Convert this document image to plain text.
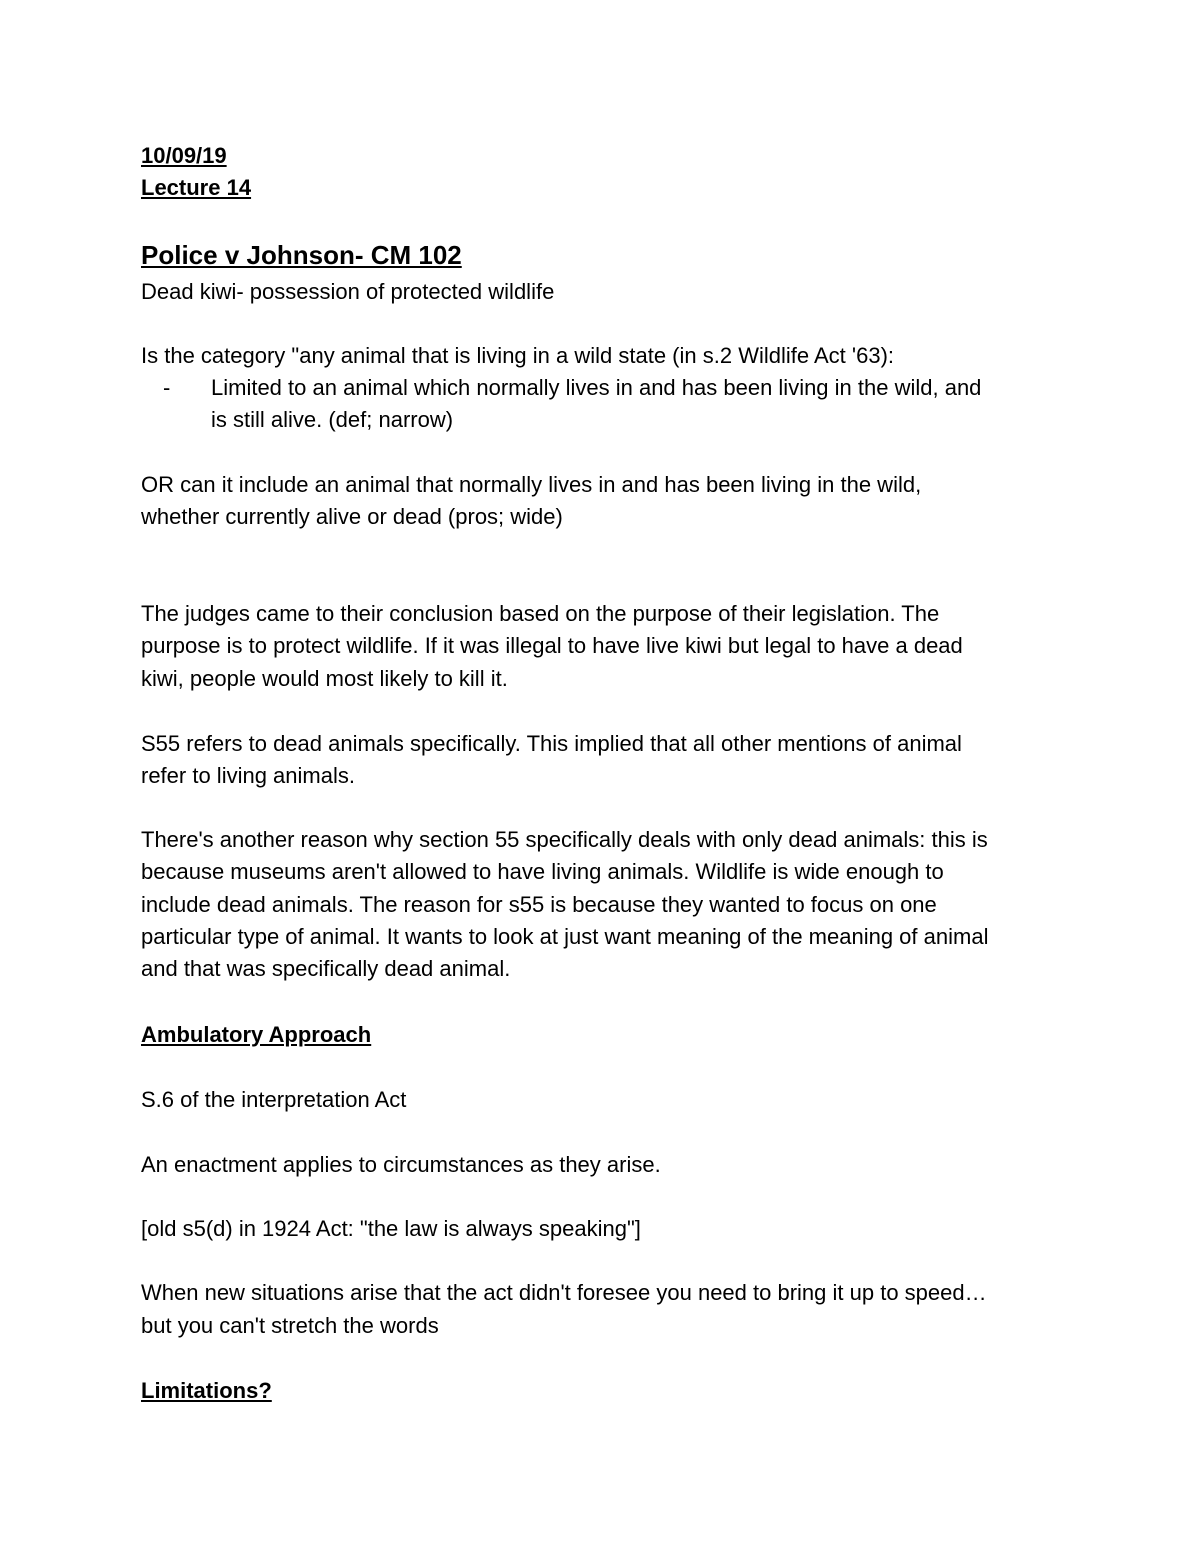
10/09/19
Lecture 14
Police v Johnson- CM 102
Dead kiwi- possession of protected wildlife
Is the category "any animal that is living in a wild state (in s.2 Wildlife Act '63):
- Limited to an animal which normally lives in and has been living in the wild, and
is still alive. (def; narrow)
OR can it include an animal that normally lives in and has been living in the wild,
whether currently alive or dead (pros; wide)
The judges came to their conclusion based on the purpose of their legislation. The
purpose is to protect wildlife. If it was illegal to have live kiwi but legal to have a dead
kiwi, people would most likely to kill it.
S55 refers to dead animals specifically. This implied that all other mentions of animal
refer to living animals.
There's another reason why section 55 specifically deals with only dead animals: this is
because museums aren't allowed to have living animals. Wildlife is wide enough to
include dead animals. The reason for s55 is because they wanted to focus on one
particular type of animal. It wants to look at just want meaning of the meaning of animal
and that was specifically dead animal.
Ambulatory Approach
S.6 of the interpretation Act
An enactment applies to circumstances as they arise.
[old s5(d) in 1924 Act: "the law is always speaking"]
When new situations arise that the act didn't foresee you need to bring it up to speed…
but you can't stretch the words
Limitations?
